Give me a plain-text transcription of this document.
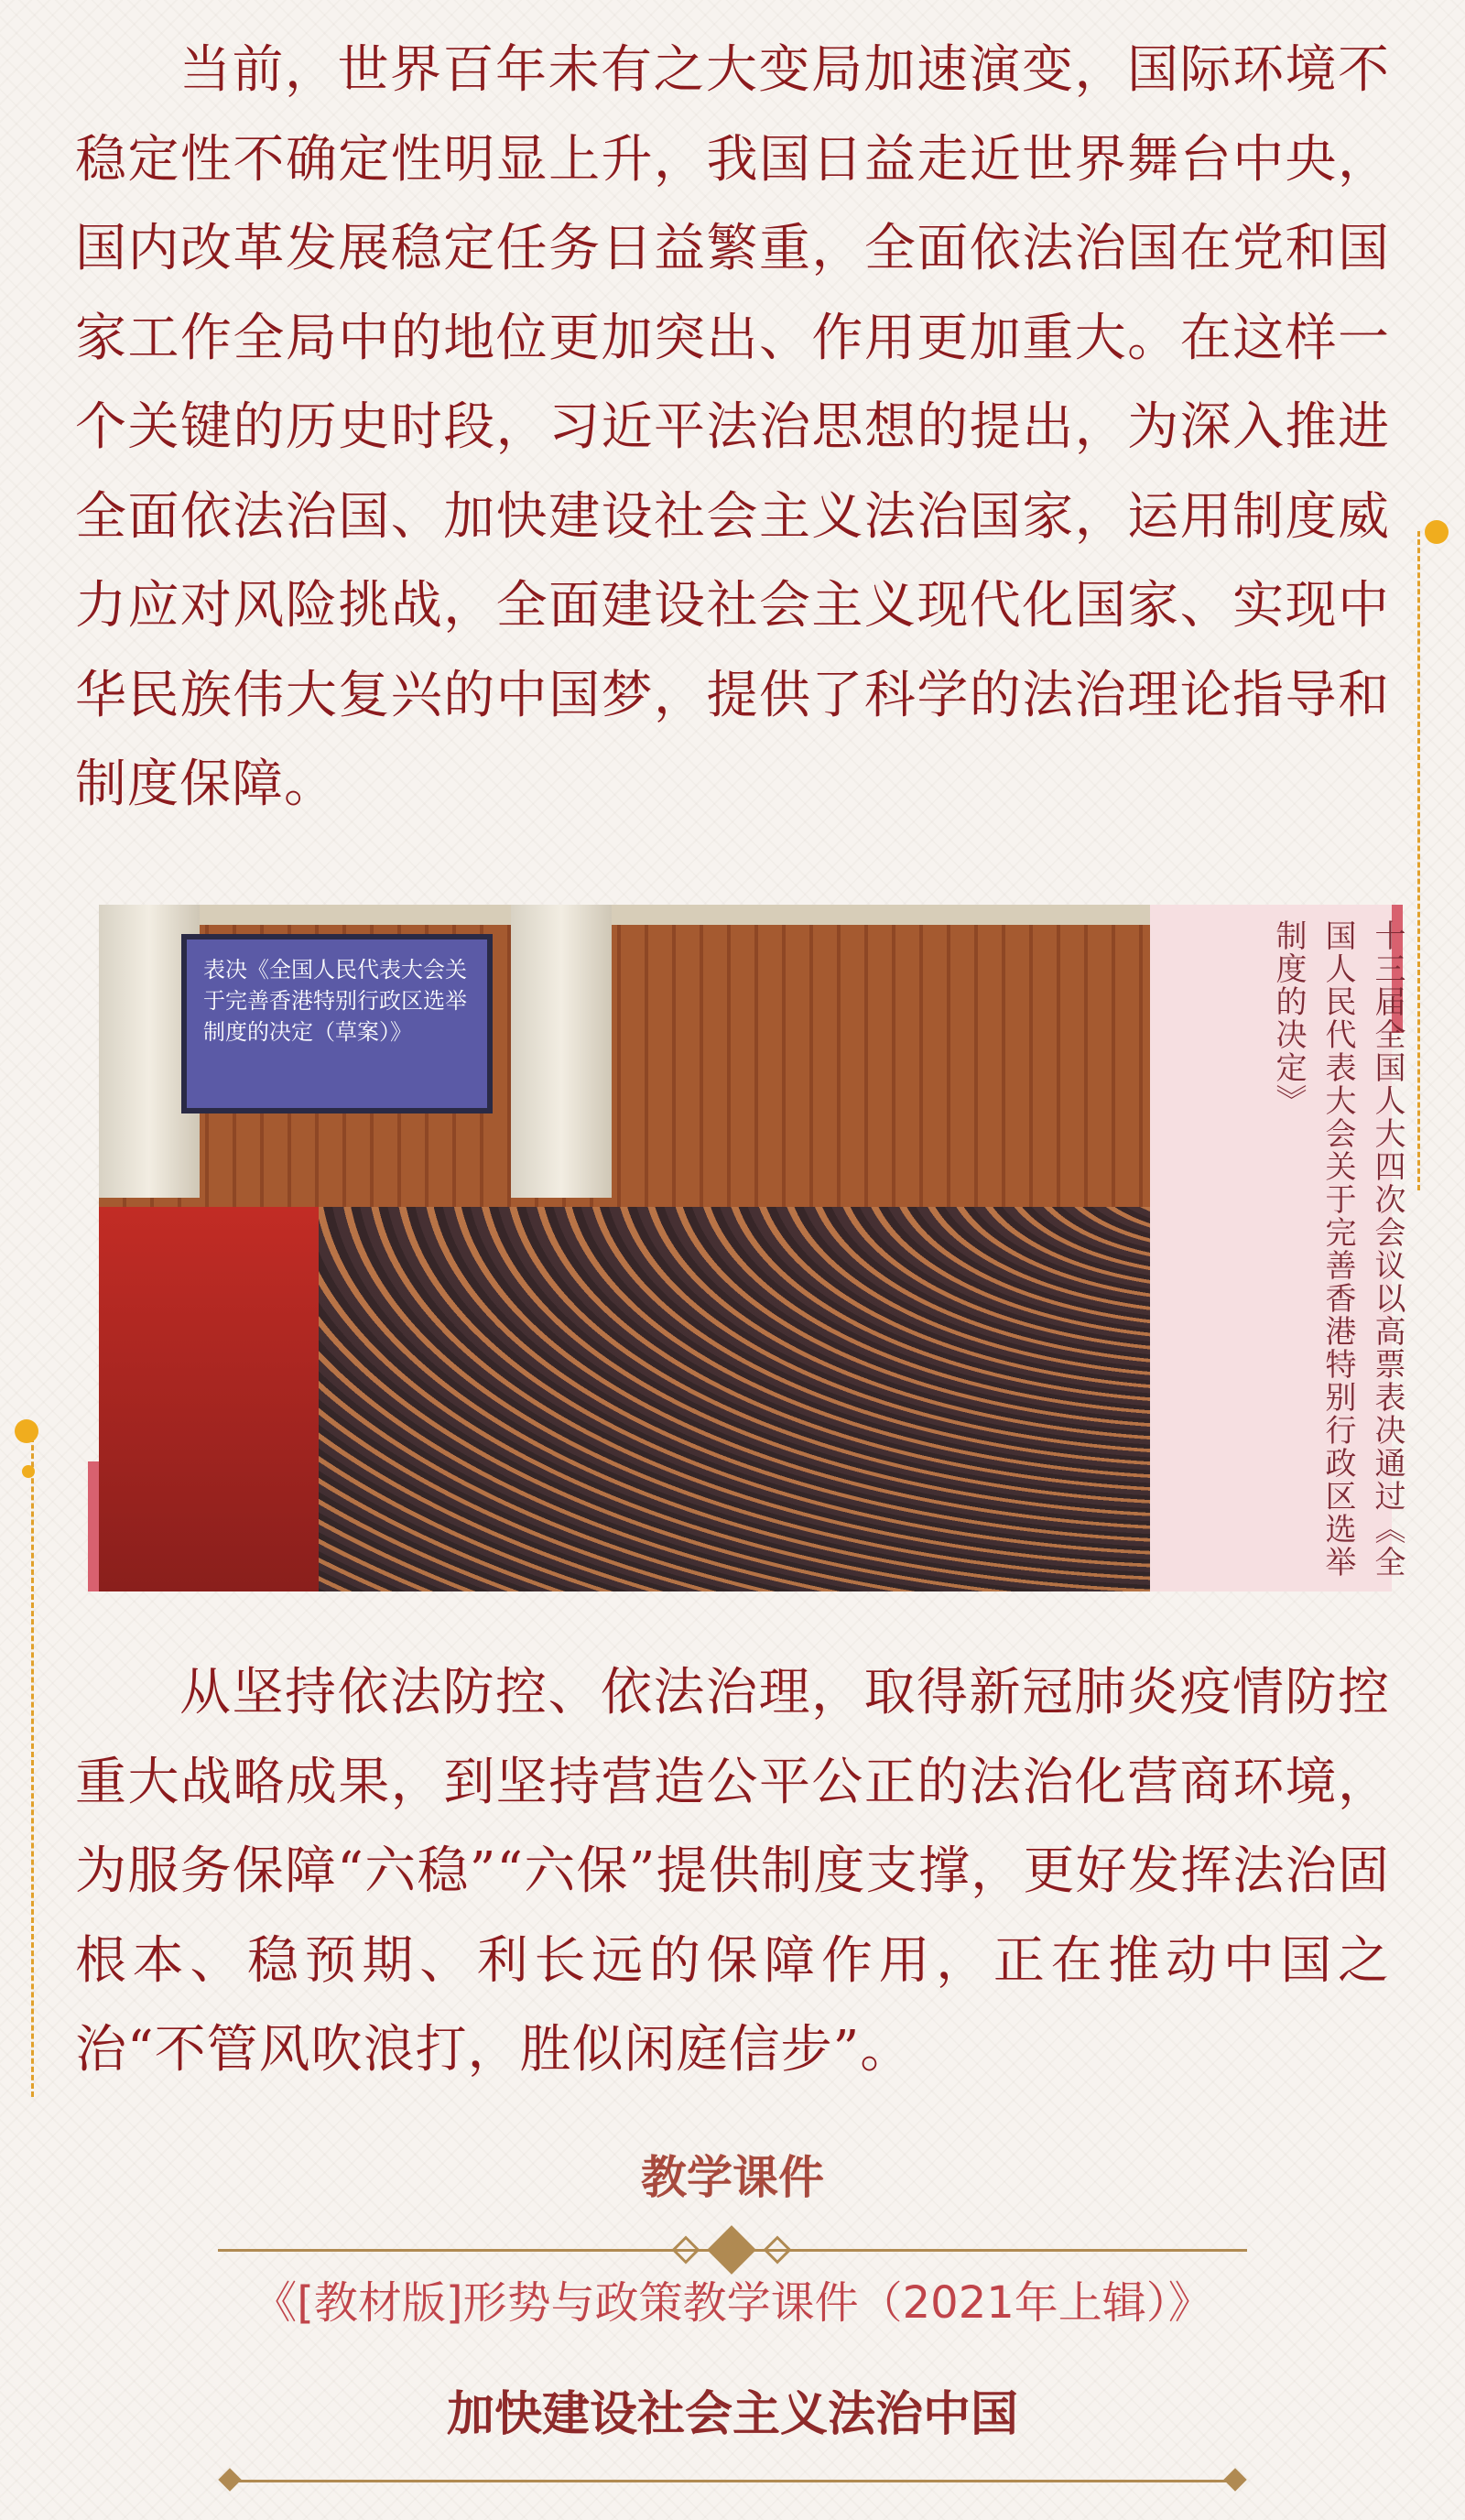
当前，世界百年未有之大变局加速演变，国际环境不稳定性不确定性明显上升，我国日益走近世界舞台中央，国内改革发展稳定任务日益繁重，全面依法治国在党和国家工作全局中的地位更加突出、作用更加重大。在这样一个关键的历史时段，习近平法治思想的提出，为深入推进全面依法治国、加快建设社会主义法治国家，运用制度威力应对风险挑战，全面建设社会主义现代化国家、实现中华民族伟大复兴的中国梦，提供了科学的法治理论指导和制度保障。

表决《全国人民代表大会关于完善香港特别行政区选举制度的决定（草案）》	十三届全国人大四次会议以高票表决通过《全国人民代表大会关于完善香港特别行政区选举制度的决定》

从坚持依法防控、依法治理，取得新冠肺炎疫情防控重大战略成果，到坚持营造公平公正的法治化营商环境，为服务保障“六稳”“六保”提供制度支撑，更好发挥法治固根本、稳预期、利长远的保障作用，正在推动中国之治“不管风吹浪打，胜似闲庭信步”。

教学课件
《[教材版]形势与政策教学课件（2021年上辑）》
加快建设社会主义法治中国
